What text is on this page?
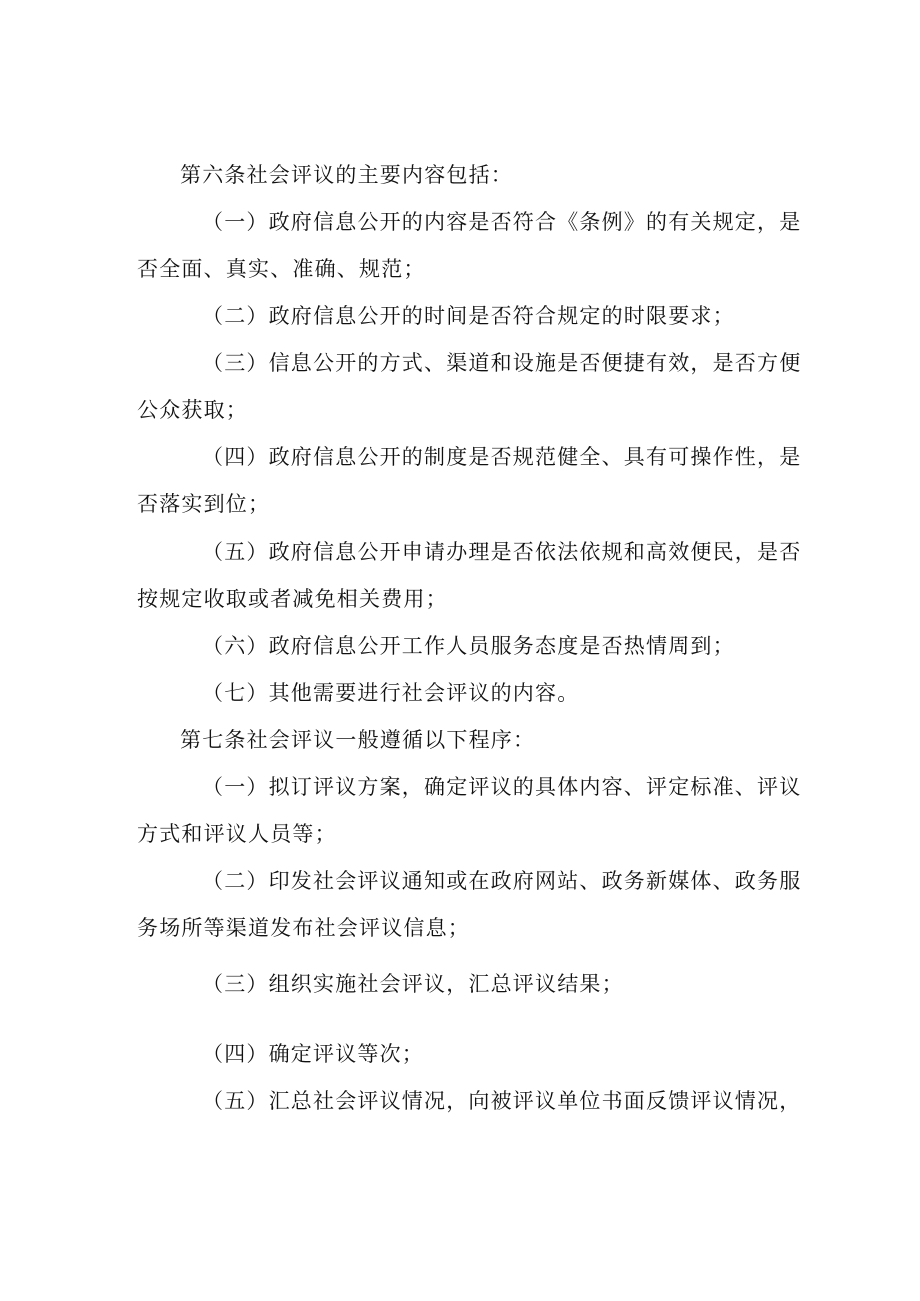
第六条社会评议的主要内容包括：
（一）政府信息公开的内容是否符合《条例》的有关规定，是
否全面、真实、准确、规范；
（二）政府信息公开的时间是否符合规定的时限要求；
（三）信息公开的方式、渠道和设施是否便捷有效，是否方便
公众获取；
（四）政府信息公开的制度是否规范健全、具有可操作性，是
否落实到位；
（五）政府信息公开申请办理是否依法依规和高效便民，是否
按规定收取或者减免相关费用；
（六）政府信息公开工作人员服务态度是否热情周到；
（七）其他需要进行社会评议的内容。
第七条社会评议一般遵循以下程序：
（一）拟订评议方案，确定评议的具体内容、评定标准、评议
方式和评议人员等；
（二）印发社会评议通知或在政府网站、政务新媒体、政务服
务场所等渠道发布社会评议信息；
（三）组织实施社会评议，汇总评议结果；
（四）确定评议等次；
（五）汇总社会评议情况，向被评议单位书面反馈评议情况，
